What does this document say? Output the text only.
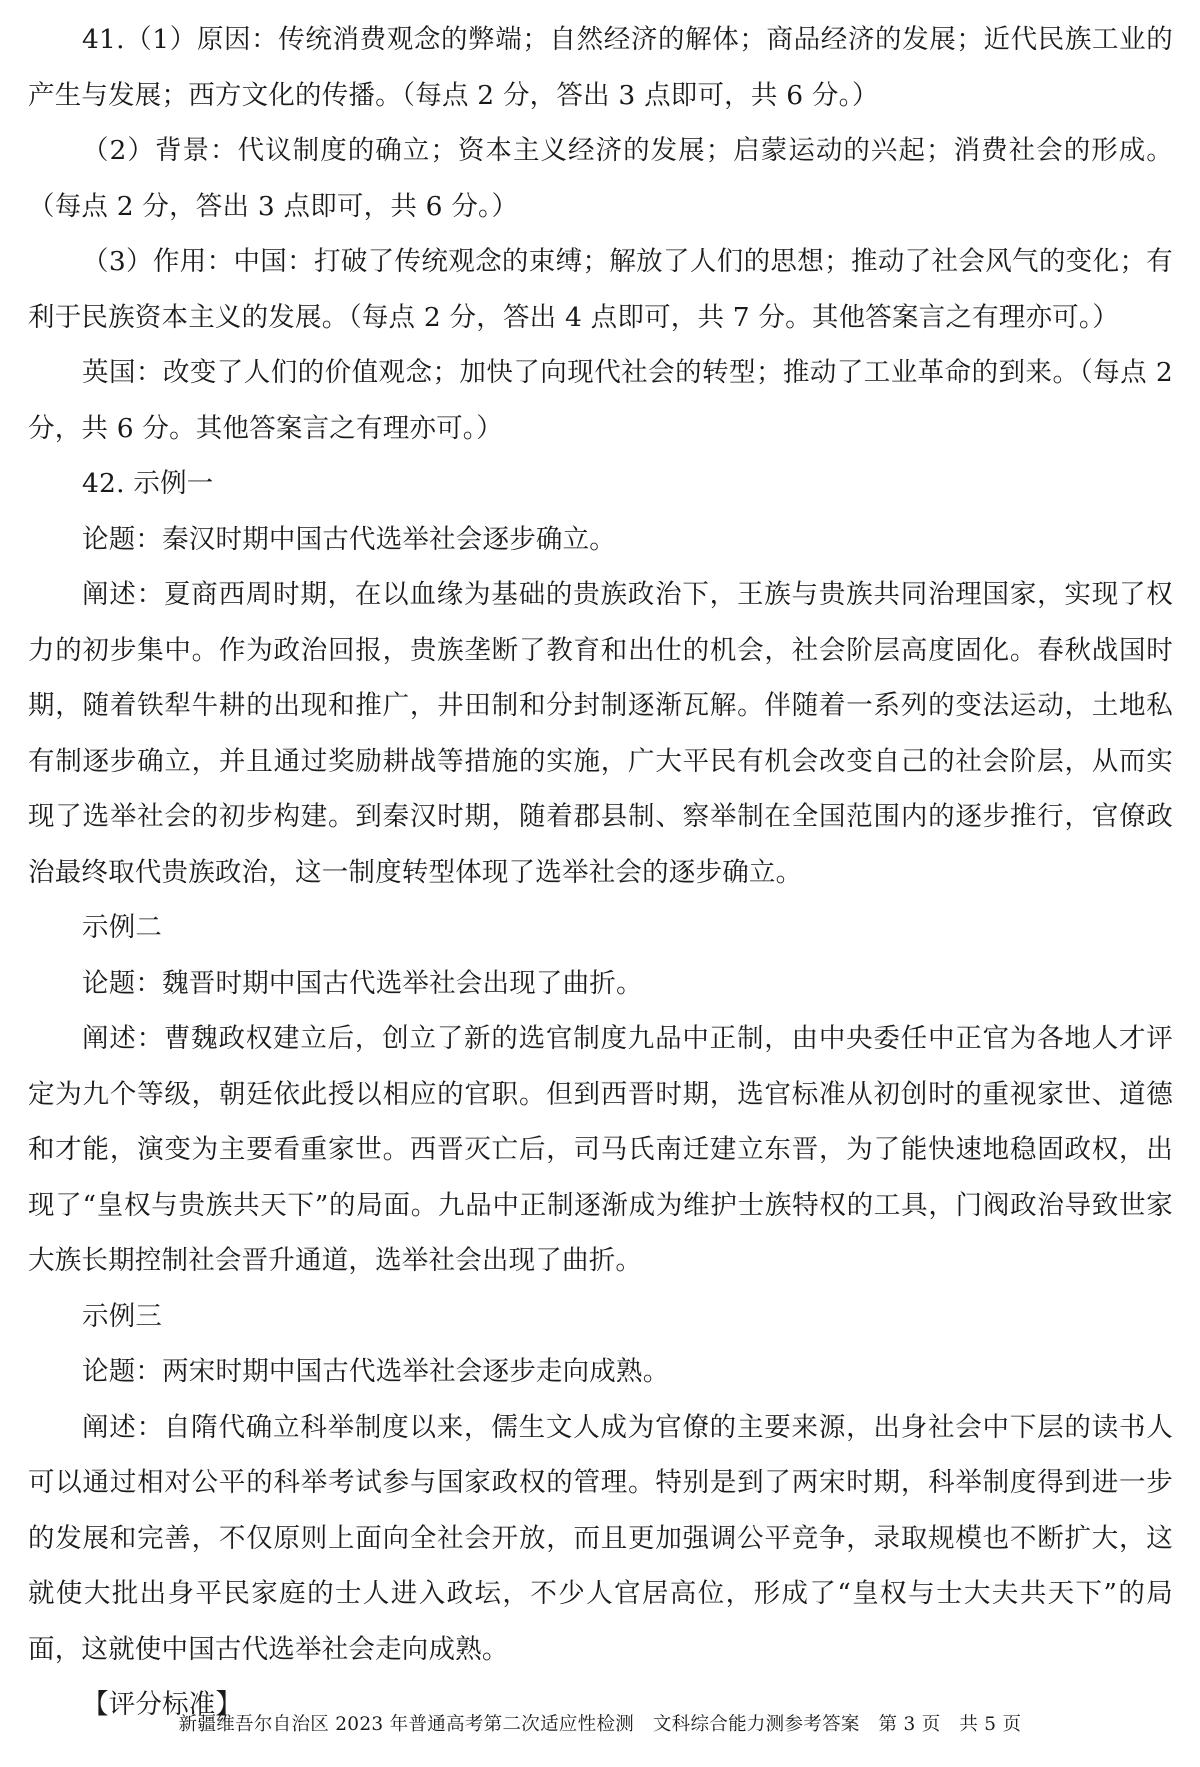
41.（1）原因：传统消费观念的弊端；自然经济的解体；商品经济的发展；近代民族工业的产生与发展；西方文化的传播。（每点 2 分，答出 3 点即可，共 6 分。）

（2）背景：代议制度的确立；资本主义经济的发展；启蒙运动的兴起；消费社会的形成。（每点 2 分，答出 3 点即可，共 6 分。）

（3）作用：中国：打破了传统观念的束缚；解放了人们的思想；推动了社会风气的变化；有利于民族资本主义的发展。（每点 2 分，答出 4 点即可，共 7 分。其他答案言之有理亦可。）

英国：改变了人们的价值观念；加快了向现代社会的转型；推动了工业革命的到来。（每点 2 分，共 6 分。其他答案言之有理亦可。）

42. 示例一

论题：秦汉时期中国古代选举社会逐步确立。

阐述：夏商西周时期，在以血缘为基础的贵族政治下，王族与贵族共同治理国家，实现了权力的初步集中。作为政治回报，贵族垄断了教育和出仕的机会，社会阶层高度固化。春秋战国时期，随着铁犁牛耕的出现和推广，井田制和分封制逐渐瓦解。伴随着一系列的变法运动，土地私有制逐步确立，并且通过奖励耕战等措施的实施，广大平民有机会改变自己的社会阶层，从而实现了选举社会的初步构建。到秦汉时期，随着郡县制、察举制在全国范围内的逐步推行，官僚政治最终取代贵族政治，这一制度转型体现了选举社会的逐步确立。

示例二

论题：魏晋时期中国古代选举社会出现了曲折。

阐述：曹魏政权建立后，创立了新的选官制度九品中正制，由中央委任中正官为各地人才评定为九个等级，朝廷依此授以相应的官职。但到西晋时期，选官标准从初创时的重视家世、道德和才能，演变为主要看重家世。西晋灭亡后，司马氏南迁建立东晋，为了能快速地稳固政权，出现了“皇权与贵族共天下”的局面。九品中正制逐渐成为维护士族特权的工具，门阀政治导致世家大族长期控制社会晋升通道，选举社会出现了曲折。

示例三

论题：两宋时期中国古代选举社会逐步走向成熟。

阐述：自隋代确立科举制度以来，儒生文人成为官僚的主要来源，出身社会中下层的读书人可以通过相对公平的科举考试参与国家政权的管理。特别是到了两宋时期，科举制度得到进一步的发展和完善，不仅原则上面向全社会开放，而且更加强调公平竞争，录取规模也不断扩大，这就使大批出身平民家庭的士人进入政坛，不少人官居高位，形成了“皇权与士大夫共天下”的局面，这就使中国古代选举社会走向成熟。

【评分标准】

新疆维吾尔自治区 2023 年普通高考第二次适应性检测　文科综合能力测参考答案　第 3 页　共 5 页
